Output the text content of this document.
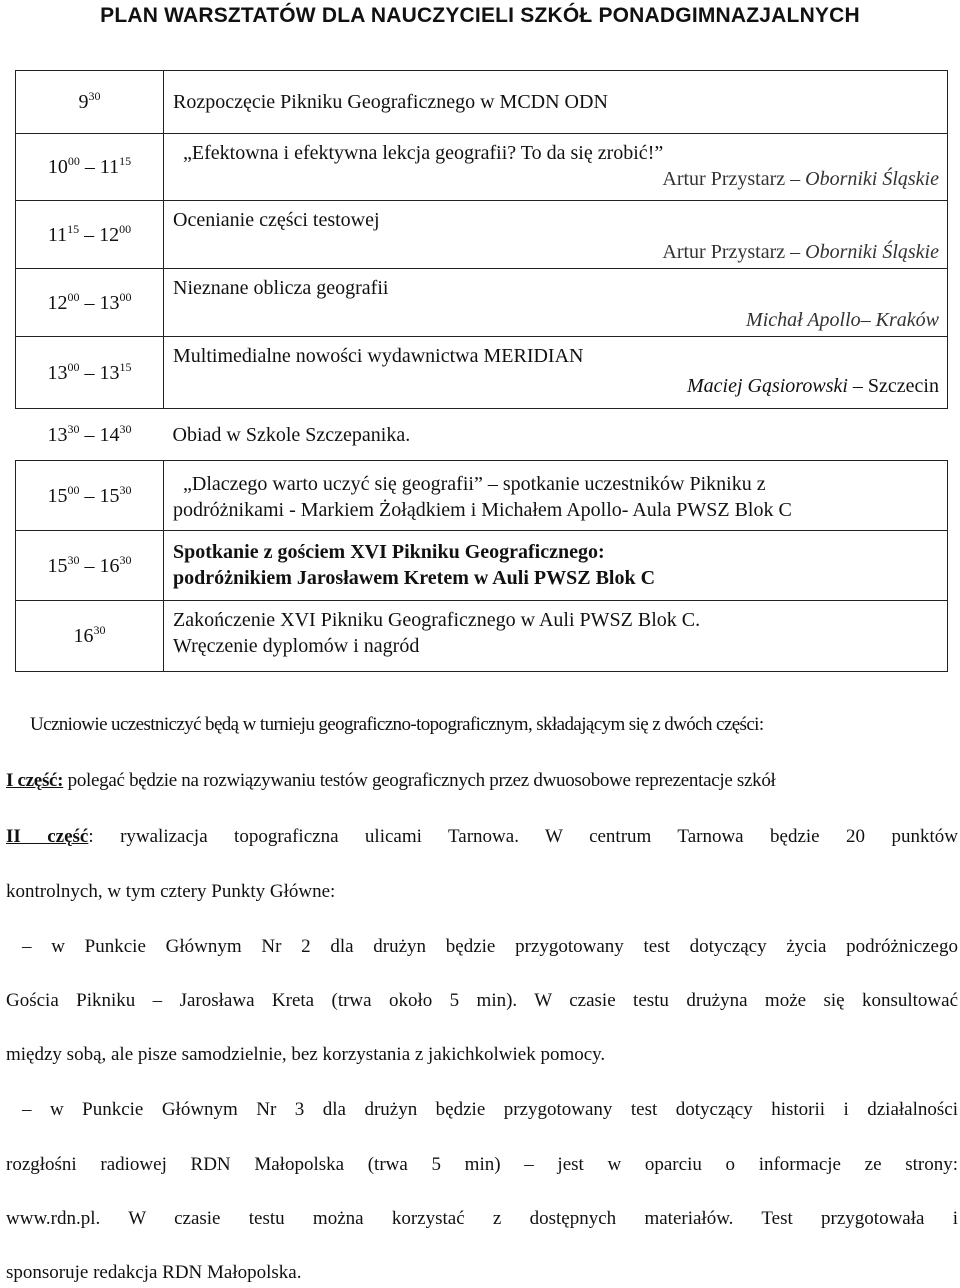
PLAN WARSZTATÓW DLA NAUCZYCIELI SZKÓŁ PONADGIMNAZJALNYCH
$9^{30}$	Rozpoczęcie Pikniku Geograficznego w MCDN ODN

$10^{00} - 11^{15}$	„Efektowna i efektywna lekcja geografii? To da się zrobić!”
Artur Przystarz – Oborniki Śląskie

$11^{15} - 12^{00}$	Ocenianie części testowej
Artur Przystarz – Oborniki Śląskie

$12^{00} - 13^{00}$	Nieznane oblicza geografii
Michał Apollo– Kraków

$13^{00} - 13^{15}$	Multimedialne nowości wydawnictwa MERIDIAN
Maciej Gąsiorowski – Szczecin

$13^{30} - 14^{30}$	Obiad w Szkole Szczepanika.

$15^{00} - 15^{30}$	„Dlaczego warto uczyć się geografii” – spotkanie uczestników Pikniku z
podróżnikami - Markiem Żołądkiem i Michałem Apollo- Aula PWSZ Blok C

$15^{30} - 16^{30}$	Spotkanie z gościem XVI Pikniku Geograficznego:
podróżnikiem Jarosławem Kretem w Auli PWSZ Blok C

$16^{30}$	Zakończenie XVI Pikniku Geograficznego w Auli PWSZ Blok C.
Wręczenie dyplomów i nagród
Uczniowie uczestniczyć będą w turnieju geograficzno-topograficznym, składającym się z dwóch części:
I część: polegać będzie na rozwiązywaniu testów geograficznych przez dwuosobowe reprezentacje szkół
II część: rywalizacja topograficzna ulicami Tarnowa. W centrum Tarnowa będzie 20 punktów
kontrolnych, w tym cztery Punkty Główne:
– w Punkcie Głównym Nr 2 dla drużyn będzie przygotowany test dotyczący życia podróżniczego
Gościa Pikniku – Jarosława Kreta (trwa około 5 min). W czasie testu drużyna może się konsultować
między sobą, ale pisze samodzielnie, bez korzystania z jakichkolwiek pomocy.
– w Punkcie Głównym Nr 3 dla drużyn będzie przygotowany test dotyczący historii i działalności
rozgłośni radiowej RDN Małopolska (trwa 5 min) – jest w oparciu o informacje ze strony:
www.rdn.pl. W czasie testu można korzystać z dostępnych materiałów. Test przygotowała i
sponsoruje redakcja RDN Małopolska.
